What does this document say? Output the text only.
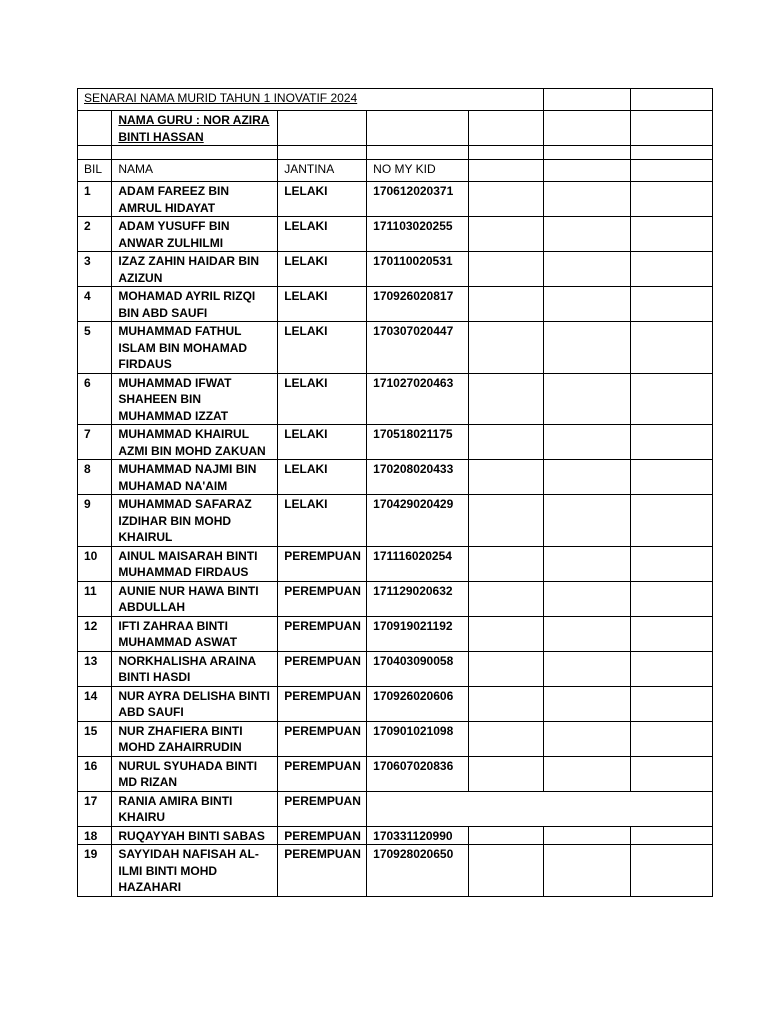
SENARAI NAMA MURID TAHUN 1 INOVATIF 2024						
	NAMA GURU : NOR AZIRA BINTI HASSAN					

BIL	NAMA	JANTINA	NO MY KID			
1	ADAM FAREEZ BIN AMRUL HIDAYAT	LELAKI	170612020371			
2	ADAM YUSUFF BIN ANWAR ZULHILMI	LELAKI	171103020255			
3	IZAZ ZAHIN HAIDAR BIN AZIZUN	LELAKI	170110020531			
4	MOHAMAD AYRIL RIZQI BIN ABD SAUFI	LELAKI	170926020817			
5	MUHAMMAD FATHUL ISLAM BIN MOHAMAD FIRDAUS	LELAKI	170307020447			
6	MUHAMMAD IFWAT SHAHEEN BIN MUHAMMAD IZZAT	LELAKI	171027020463			
7	MUHAMMAD KHAIRUL AZMI BIN MOHD ZAKUAN	LELAKI	170518021175			
8	MUHAMMAD NAJMI BIN MUHAMAD NA'AIM	LELAKI	170208020433			
9	MUHAMMAD SAFARAZ IZDIHAR BIN MOHD KHAIRUL	LELAKI	170429020429			
10	AINUL MAISARAH BINTI MUHAMMAD FIRDAUS	PEREMPUAN	171116020254			
11	AUNIE NUR HAWA BINTI ABDULLAH	PEREMPUAN	171129020632			
12	IFTI ZAHRAA BINTI MUHAMMAD ASWAT	PEREMPUAN	170919021192			
13	NORKHALISHA ARAINA BINTI HASDI	PEREMPUAN	170403090058			
14	NUR AYRA DELISHA BINTI ABD SAUFI	PEREMPUAN	170926020606			
15	NUR ZHAFIERA BINTI MOHD ZAHAIRRUDIN	PEREMPUAN	170901021098			
16	NURUL SYUHADA BINTI MD RIZAN	PEREMPUAN	170607020836			
17	RANIA AMIRA BINTI KHAIRU	PEREMPUAN				
18	RUQAYYAH BINTI SABAS	PEREMPUAN	170331120990			
19	SAYYIDAH NAFISAH AL-ILMI BINTI MOHD HAZAHARI	PEREMPUAN	170928020650			
